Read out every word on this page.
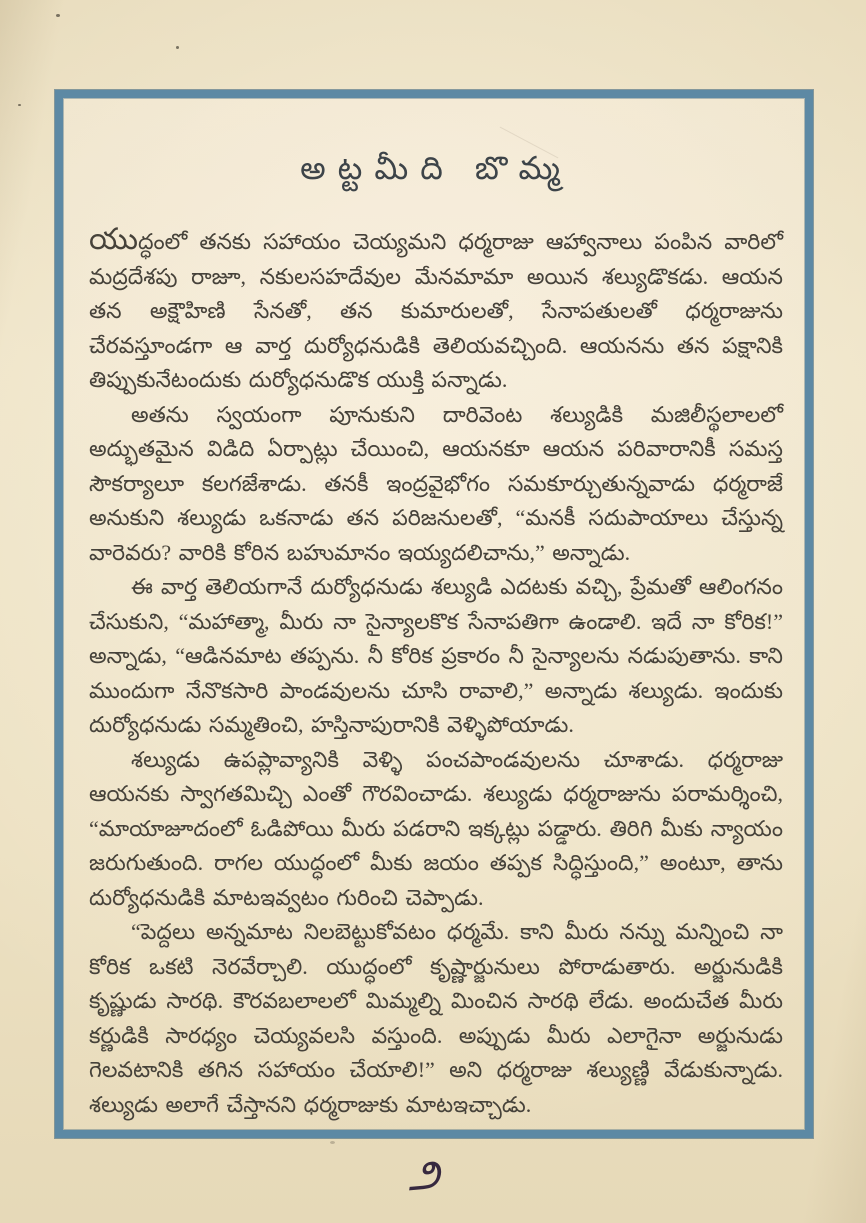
అట్టమీది బొమ్మ

యుద్ధంలో తనకు సహాయం చెయ్యమని ధర్మరాజు ఆహ్వానాలు పంపిన వారిలో మద్రదేశపు రాజూ, నకులసహదేవుల మేనమామా అయిన శల్యుడొకడు. ఆయన తన అక్షౌహిణి సేనతో, తన కుమారులతో, సేనాపతులతో ధర్మరాజును చేరవస్తూండగా ఆ వార్త దుర్యోధనుడికి తెలియవచ్చింది. ఆయనను తన పక్షానికి తిప్పుకునేటందుకు దుర్యోధనుడొక యుక్తి పన్నాడు.

అతను స్వయంగా పూనుకుని దారివెంట శల్యుడికి మజిలీస్థలాలలో అద్భుతమైన విడిది ఏర్పాట్లు చేయించి, ఆయనకూ ఆయన పరివారానికీ సమస్త సౌకర్యాలూ కలగజేశాడు. తనకీ ఇంద్రవైభోగం సమకూర్చుతున్నవాడు ధర్మరాజే అనుకుని శల్యుడు ఒకనాడు తన పరిజనులతో, “మనకీ సదుపాయాలు చేస్తున్న వారెవరు? వారికి కోరిన బహుమానం ఇయ్యదలిచాను,” అన్నాడు.

ఈ వార్త తెలియగానే దుర్యోధనుడు శల్యుడి ఎదటకు వచ్చి, ప్రేమతో ఆలింగనం చేసుకుని, “మహాత్మా, మీరు నా సైన్యాలకొక సేనాపతిగా ఉండాలి. ఇదే నా కోరిక!” అన్నాడు, “ఆడినమాట తప్పను. నీ కోరిక ప్రకారం నీ సైన్యాలను నడుపుతాను. కాని ముందుగా నేనొకసారి పాండవులను చూసి రావాలి,” అన్నాడు శల్యుడు. ఇందుకు దుర్యోధనుడు సమ్మతించి, హస్తినాపురానికి వెళ్ళిపోయాడు.

శల్యుడు ఉపప్లావ్యానికి వెళ్ళి పంచపాండవులను చూశాడు. ధర్మరాజు ఆయనకు స్వాగతమిచ్చి ఎంతో గౌరవించాడు. శల్యుడు ధర్మరాజును పరామర్శించి, “మాయాజూదంలో ఓడిపోయి మీరు పడరాని ఇక్కట్లు పడ్డారు. తిరిగి మీకు న్యాయం జరుగుతుంది. రాగల యుద్ధంలో మీకు జయం తప్పక సిద్ధిస్తుంది,” అంటూ, తాను దుర్యోధనుడికి మాటఇవ్వటం గురించి చెప్పాడు.

“పెద్దలు అన్నమాట నిలబెట్టుకోవటం ధర్మమే. కాని మీరు నన్ను మన్నించి నా కోరిక ఒకటి నెరవేర్చాలి. యుద్ధంలో కృష్ణార్జునులు పోరాడుతారు. అర్జునుడికి కృష్ణుడు సారథి. కౌరవబలాలలో మిమ్మల్ని మించిన సారథి లేడు. అందుచేత మీరు కర్ణుడికి సారధ్యం చెయ్యవలసి వస్తుంది. అప్పుడు మీరు ఎలాగైనా అర్జునుడు గెలవటానికి తగిన సహాయం చేయాలి!” అని ధర్మరాజు శల్యుణ్ణి వేడుకున్నాడు. శల్యుడు అలాగే చేస్తానని ధర్మరాజుకు మాటఇచ్చాడు.

౨
